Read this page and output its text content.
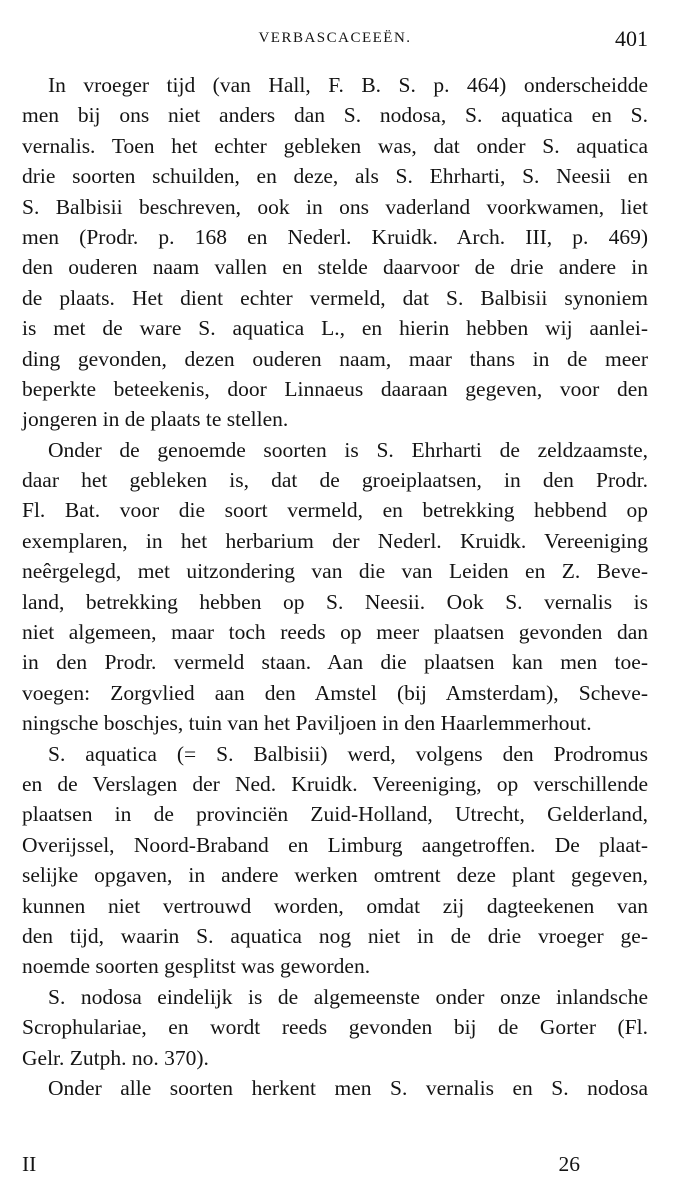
VERBASCACEEËN.	401
In vroeger tijd (van Hall, F. B. S. p. 464) onderscheidde
men bij ons niet anders dan S. nodosa, S. aquatica en S.
vernalis. Toen het echter gebleken was, dat onder S. aquatica
drie soorten schuilden, en deze, als S. Ehrharti, S. Neesii en
S. Balbisii beschreven, ook in ons vaderland voorkwamen, liet
men (Prodr. p. 168 en Nederl. Kruidk. Arch. III, p. 469)
den ouderen naam vallen en stelde daarvoor de drie andere in
de plaats. Het dient echter vermeld, dat S. Balbisii synoniem
is met de ware S. aquatica L., en hierin hebben wij aanlei-
ding gevonden, dezen ouderen naam, maar thans in de meer
beperkte beteekenis, door Linnaeus daaraan gegeven, voor den
jongeren in de plaats te stellen.
Onder de genoemde soorten is S. Ehrharti de zeldzaamste,
daar het gebleken is, dat de groeiplaatsen, in den Prodr.
Fl. Bat. voor die soort vermeld, en betrekking hebbend op
exemplaren, in het herbarium der Nederl. Kruidk. Vereeniging
neêrgelegd, met uitzondering van die van Leiden en Z. Beve-
land, betrekking hebben op S. Neesii. Ook S. vernalis is
niet algemeen, maar toch reeds op meer plaatsen gevonden dan
in den Prodr. vermeld staan. Aan die plaatsen kan men toe-
voegen: Zorgvlied aan den Amstel (bij Amsterdam), Scheve-
ningsche boschjes, tuin van het Paviljoen in den Haarlemmerhout.
S. aquatica (= S. Balbisii) werd, volgens den Prodromus
en de Verslagen der Ned. Kruidk. Vereeniging, op verschillende
plaatsen in de provinciën Zuid-Holland, Utrecht, Gelderland,
Overijssel, Noord-Braband en Limburg aangetroffen. De plaat-
selijke opgaven, in andere werken omtrent deze plant gegeven,
kunnen niet vertrouwd worden, omdat zij dagteekenen van
den tijd, waarin S. aquatica nog niet in de drie vroeger ge-
noemde soorten gesplitst was geworden.
S. nodosa eindelijk is de algemeenste onder onze inlandsche
Scrophulariae, en wordt reeds gevonden bij de Gorter (Fl.
Gelr. Zutph. no. 370).
Onder alle soorten herkent men S. vernalis en S. nodosa
II	26
